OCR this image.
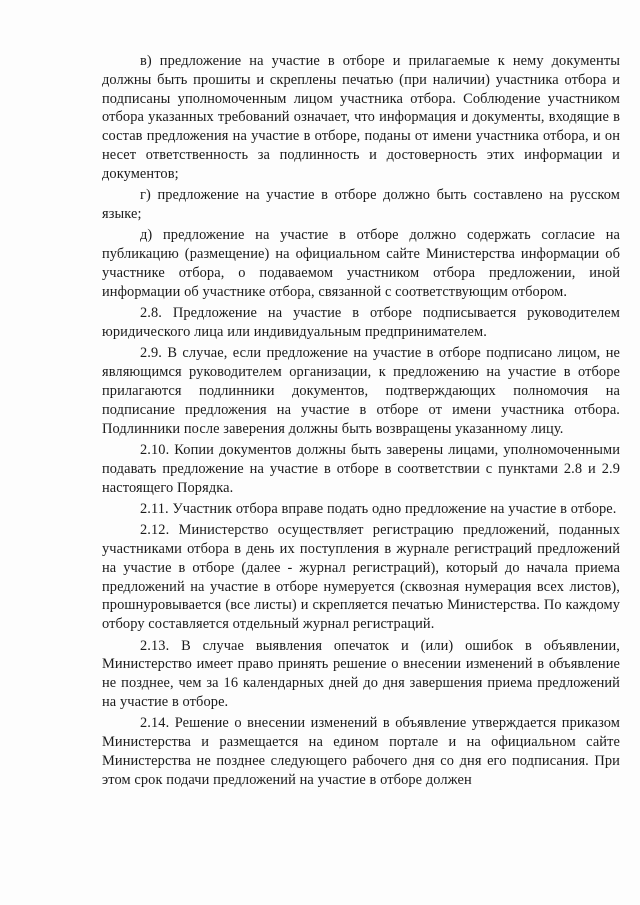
в) предложение на участие в отборе и прилагаемые к нему документы должны быть прошиты и скреплены печатью (при наличии) участника отбора и подписаны уполномоченным лицом участника отбора. Соблюдение участником отбора указанных требований означает, что информация и документы, входящие в состав предложения на участие в отборе, поданы от имени участника отбора, и он несет ответственность за подлинность и достоверность этих информации и документов;

г) предложение на участие в отборе должно быть составлено на русском языке;

д) предложение на участие в отборе должно содержать согласие на публикацию (размещение) на официальном сайте Министерства информации об участнике отбора, о подаваемом участником отбора предложении, иной информации об участнике отбора, связанной с соответствующим отбором.

2.8. Предложение на участие в отборе подписывается руководителем юридического лица или индивидуальным предпринимателем.

2.9. В случае, если предложение на участие в отборе подписано лицом, не являющимся руководителем организации, к предложению на участие в отборе прилагаются подлинники документов, подтверждающих полномочия на подписание предложения на участие в отборе от имени участника отбора. Подлинники после заверения должны быть возвращены указанному лицу.

2.10. Копии документов должны быть заверены лицами, уполномоченными подавать предложение на участие в отборе в соответствии с пунктами 2.8 и 2.9 настоящего Порядка.

2.11. Участник отбора вправе подать одно предложение на участие в отборе.

2.12. Министерство осуществляет регистрацию предложений, поданных участниками отбора в день их поступления в журнале регистраций предложений на участие в отборе (далее - журнал регистраций), который до начала приема предложений на участие в отборе нумеруется (сквозная нумерация всех листов), прошнуровывается (все листы) и скрепляется печатью Министерства. По каждому отбору составляется отдельный журнал регистраций.

2.13. В случае выявления опечаток и (или) ошибок в объявлении, Министерство имеет право принять решение о внесении изменений в объявление не позднее, чем за 16 календарных дней до дня завершения приема предложений на участие в отборе.

2.14. Решение о внесении изменений в объявление утверждается приказом Министерства и размещается на едином портале и на официальном сайте Министерства не позднее следующего рабочего дня со дня его подписания. При этом срок подачи предложений на участие в отборе должен
